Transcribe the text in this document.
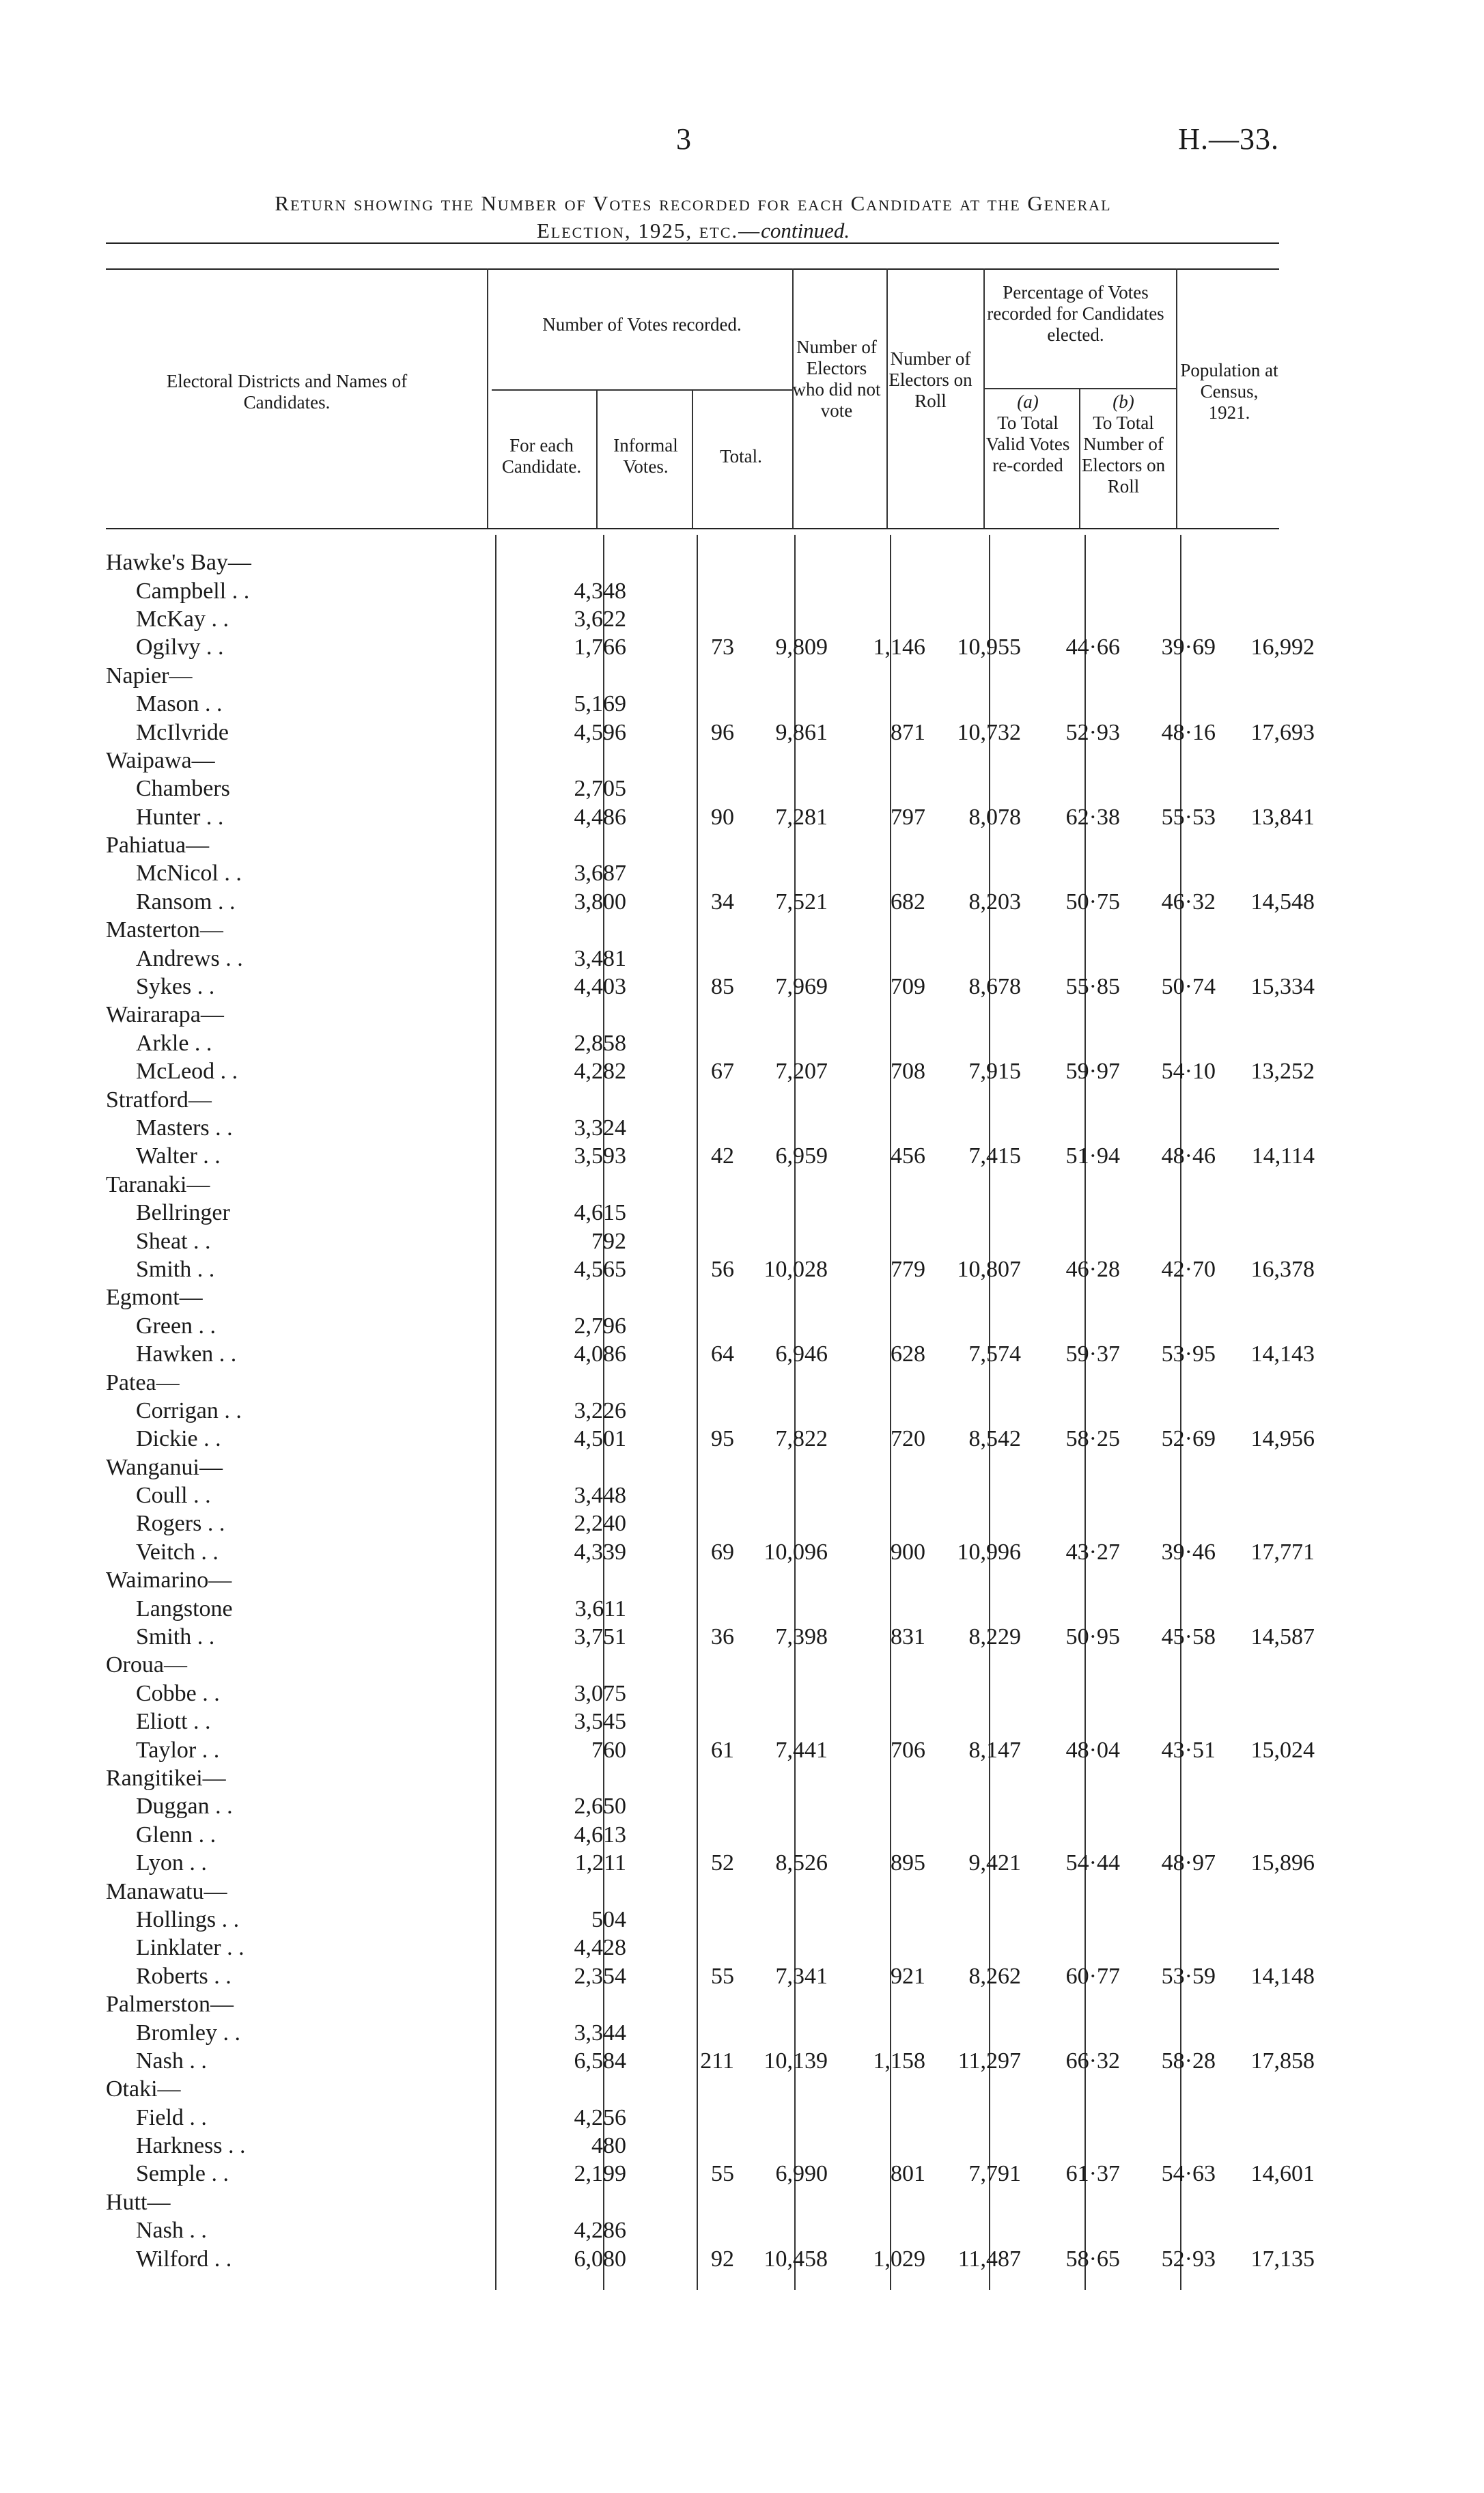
3	H.—33.
Return showing the Number of Votes recorded for each Candidate at the General
Election, 1925, etc.—continued.
Electoral Districts and Names of Candidates.
Number of Votes recorded.
For each Candidate.
Informal Votes.	Total.
Number of Electors who did not vote
Number of Electors on Roll
Percentage of Votes recorded for Candidates elected.
(a)
To Total Valid Votes re-corded
(b)
To Total Number of Electors on Roll
Population at Census, 1921.
Hawke's Bay—								
Campbell . .	4,348							
McKay . .	3,622							
Ogilvy . .	1,766	73	9,809	1,146	10,955	44·66	39·69	16,992
Napier—								
Mason . .	5,169							
McIlvride	4,596	96	9,861	871	10,732	52·93	48·16	17,693
Waipawa—								
Chambers	2,705							
Hunter . .	4,486	90	7,281	797	8,078	62·38	55·53	13,841
Pahiatua—								
McNicol . .	3,687							
Ransom . .	3,800	34	7,521	682	8,203	50·75	46·32	14,548
Masterton—								
Andrews . .	3,481							
Sykes . .	4,403	85	7,969	709	8,678	55·85	50·74	15,334
Wairarapa—								
Arkle . .	2,858							
McLeod . .	4,282	67	7,207	708	7,915	59·97	54·10	13,252
Stratford—								
Masters . .	3,324							
Walter . .	3,593	42	6,959	456	7,415	51·94	48·46	14,114
Taranaki—								
Bellringer	4,615							
Sheat . .	792							
Smith . .	4,565	56	10,028	779	10,807	46·28	42·70	16,378
Egmont—								
Green . .	2,796							
Hawken . .	4,086	64	6,946	628	7,574	59·37	53·95	14,143
Patea—								
Corrigan . .	3,226							
Dickie . .	4,501	95	7,822	720	8,542	58·25	52·69	14,956
Wanganui—								
Coull . .	3,448							
Rogers . .	2,240							
Veitch . .	4,339	69	10,096	900	10,996	43·27	39·46	17,771
Waimarino—								
Langstone	3,611							
Smith . .	3,751	36	7,398	831	8,229	50·95	45·58	14,587
Oroua—								
Cobbe . .	3,075							
Eliott . .	3,545							
Taylor . .	760	61	7,441	706	8,147	48·04	43·51	15,024
Rangitikei—								
Duggan . .	2,650							
Glenn . .	4,613							
Lyon . .	1,211	52	8,526	895	9,421	54·44	48·97	15,896
Manawatu—								
Hollings . .	504							
Linklater . .	4,428							
Roberts . .	2,354	55	7,341	921	8,262	60·77	53·59	14,148
Palmerston—								
Bromley . .	3,344							
Nash . .	6,584	211	10,139	1,158	11,297	66·32	58·28	17,858
Otaki—								
Field . .	4,256							
Harkness . .	480							
Semple . .	2,199	55	6,990	801	7,791	61·37	54·63	14,601
Hutt—								
Nash . .	4,286							
Wilford . .	6,080	92	10,458	1,029	11,487	58·65	52·93	17,135
